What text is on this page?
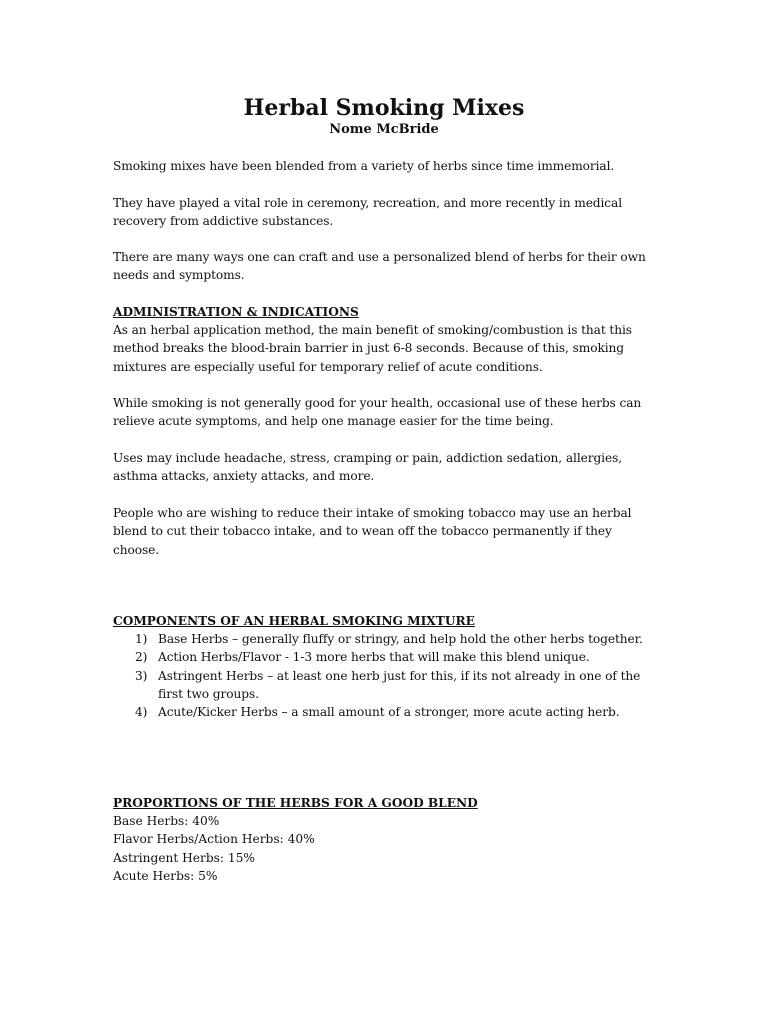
Herbal Smoking Mixes
Nome McBride

Smoking mixes have been blended from a variety of herbs since time immemorial.

They have played a vital role in ceremony, recreation, and more recently in medical recovery from addictive substances.

There are many ways one can craft and use a personalized blend of herbs for their own needs and symptoms.

ADMINISTRATION & INDICATIONS

As an herbal application method, the main benefit of smoking/combustion is that this method breaks the blood-brain barrier in just 6-8 seconds. Because of this, smoking mixtures are especially useful for temporary relief of acute conditions.

While smoking is not generally good for your health, occasional use of these herbs can relieve acute symptoms, and help one manage easier for the time being.

Uses may include headache, stress, cramping or pain, addiction sedation, allergies, asthma attacks, anxiety attacks, and more.

People who are wishing to reduce their intake of smoking tobacco may use an herbal blend to cut their tobacco intake, and to wean off the tobacco permanently if they choose.

COMPONENTS OF AN HERBAL SMOKING MIXTURE
1) Base Herbs – generally fluffy or stringy, and help hold the other herbs together.
2) Action Herbs/Flavor - 1-3 more herbs that will make this blend unique.
3) Astringent Herbs – at least one herb just for this, if its not already in one of the first two groups.
4) Acute/Kicker Herbs – a small amount of a stronger, more acute acting herb.
PROPORTIONS OF THE HERBS FOR A GOOD BLEND
Base Herbs: 40%
Flavor Herbs/Action Herbs: 40%
Astringent Herbs: 15%
Acute Herbs: 5%
